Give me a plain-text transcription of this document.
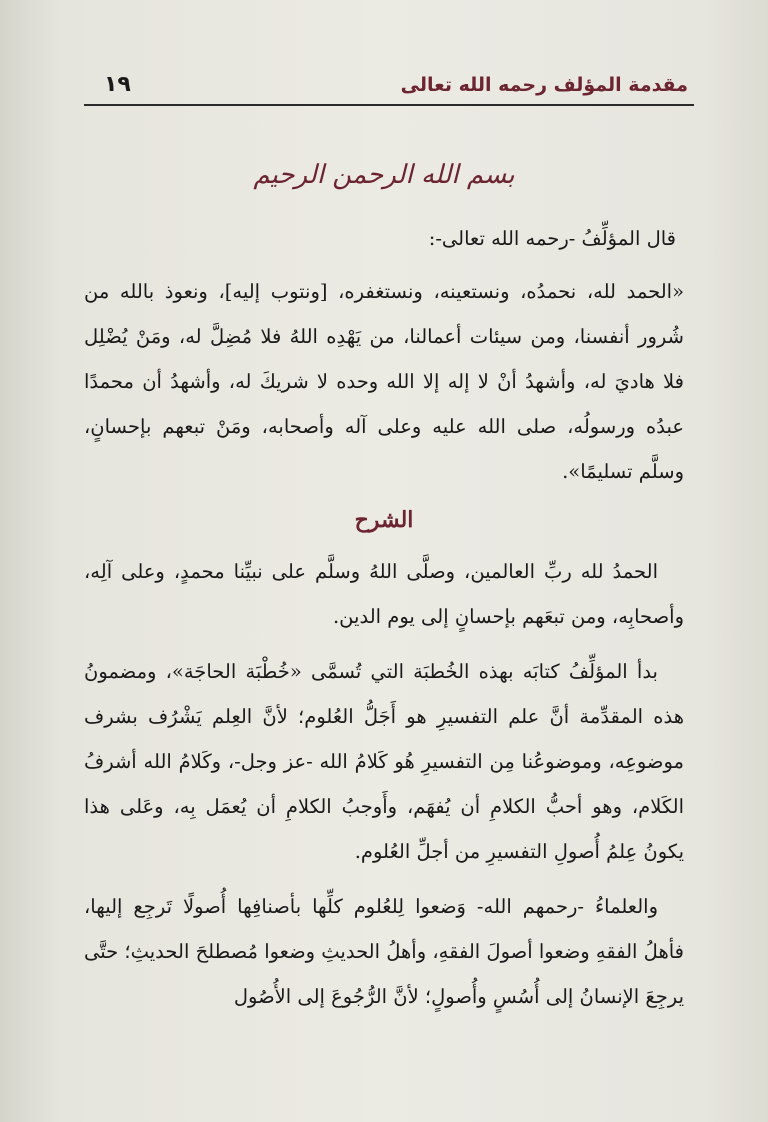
مقدمة المؤلف رحمه الله تعالى
١٩
بسم الله الرحمن الرحيم

قال المؤلِّفُ -رحمه الله تعالى-:

«الحمد لله، نحمدُه، ونستعينه، ونستغفره، [ونتوب إليه]، ونعوذ بالله من شُرور أنفسنا، ومن سيئات أعمالنا، من يَهْدِه اللهُ فلا مُضِلَّ له، ومَنْ يُضْلِل فلا هاديَ له، وأشهدُ أنْ لا إله إلا الله وحده لا شريكَ له، وأشهدُ أن محمدًا عبدُه ورسولُه، صلى الله عليه وعلى آله وأصحابه، ومَنْ تبعهم بإحسانٍ، وسلَّم تسليمًا».

الشرح

الحمدُ لله ربِّ العالمين، وصلَّى اللهُ وسلَّم على نبيِّنا محمدٍ، وعلى آلِه، وأصحابِه، ومن تبعَهم بإحسانٍ إلى يوم الدين.

بدأ المؤلِّفُ كتابَه بهذه الخُطبَة التي تُسمَّى «خُطْبَة الحاجَة»، ومضمونُ هذه المقدِّمة أنَّ علم التفسيرِ هو أَجَلُّ العُلوم؛ لأنَّ العِلم يَشْرُف بشرف موضوعِه، وموضوعُنا مِن التفسيرِ هُو كَلامُ الله -عز وجل-، وكَلامُ الله أشرفُ الكَلام، وهو أحبُّ الكلامِ أن يُفهَم، وأَوجبُ الكلامِ أن يُعمَل بِه، وعَلى هذا يكونُ عِلمُ أُصولِ التفسيرِ من أجلِّ العُلوم.

والعلماءُ -رحمهم الله- وَضعوا لِلعُلوم كلِّها بأصنافِها أُصولًا تَرجِع إليها، فأهلُ الفقهِ وضعوا أصولَ الفقهِ، وأهلُ الحديثِ وضعوا مُصطلحَ الحديثِ؛ حتَّى يرجِعَ الإنسانُ إلى أُسُسٍ وأُصولٍ؛ لأنَّ الرُّجُوعَ إلى الأُصُول
